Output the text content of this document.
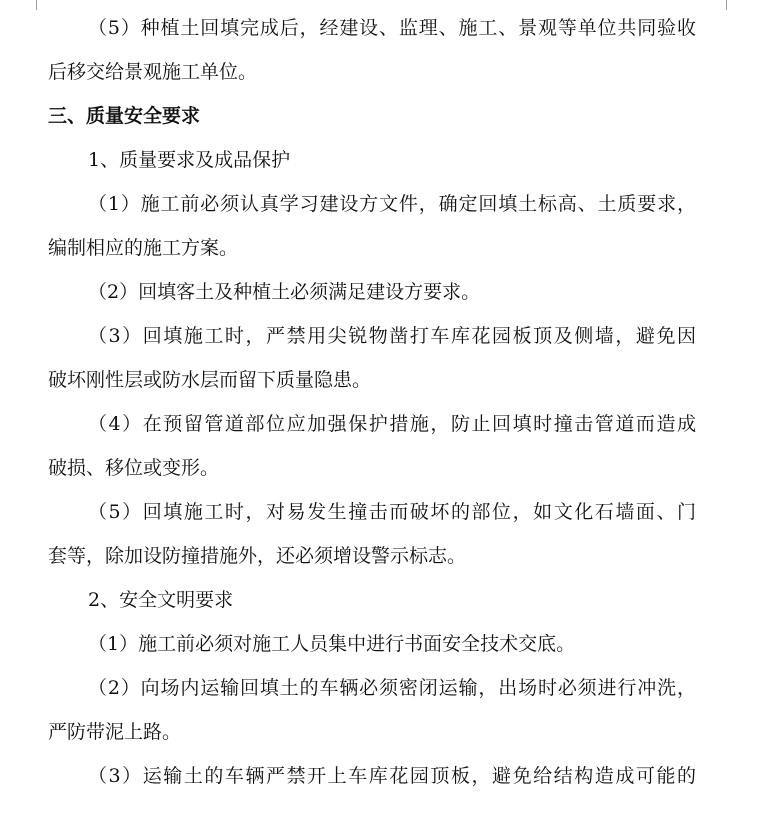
（5）种植土回填完成后，经建设、监理、施工、景观等单位共同验收

后移交给景观施工单位。

三、质量安全要求

1、质量要求及成品保护

（1）施工前必须认真学习建设方文件，确定回填土标高、土质要求，

编制相应的施工方案。

（2）回填客土及种植土必须满足建设方要求。

（3）回填施工时，严禁用尖锐物凿打车库花园板顶及侧墙，避免因

破坏刚性层或防水层而留下质量隐患。

（4）在预留管道部位应加强保护措施，防止回填时撞击管道而造成

破损、移位或变形。

（5）回填施工时，对易发生撞击而破坏的部位，如文化石墙面、门

套等，除加设防撞措施外，还必须增设警示标志。

2、安全文明要求

（1）施工前必须对施工人员集中进行书面安全技术交底。

（2）向场内运输回填土的车辆必须密闭运输，出场时必须进行冲洗，

严防带泥上路。

（3）运输土的车辆严禁开上车库花园顶板，避免给结构造成可能的
